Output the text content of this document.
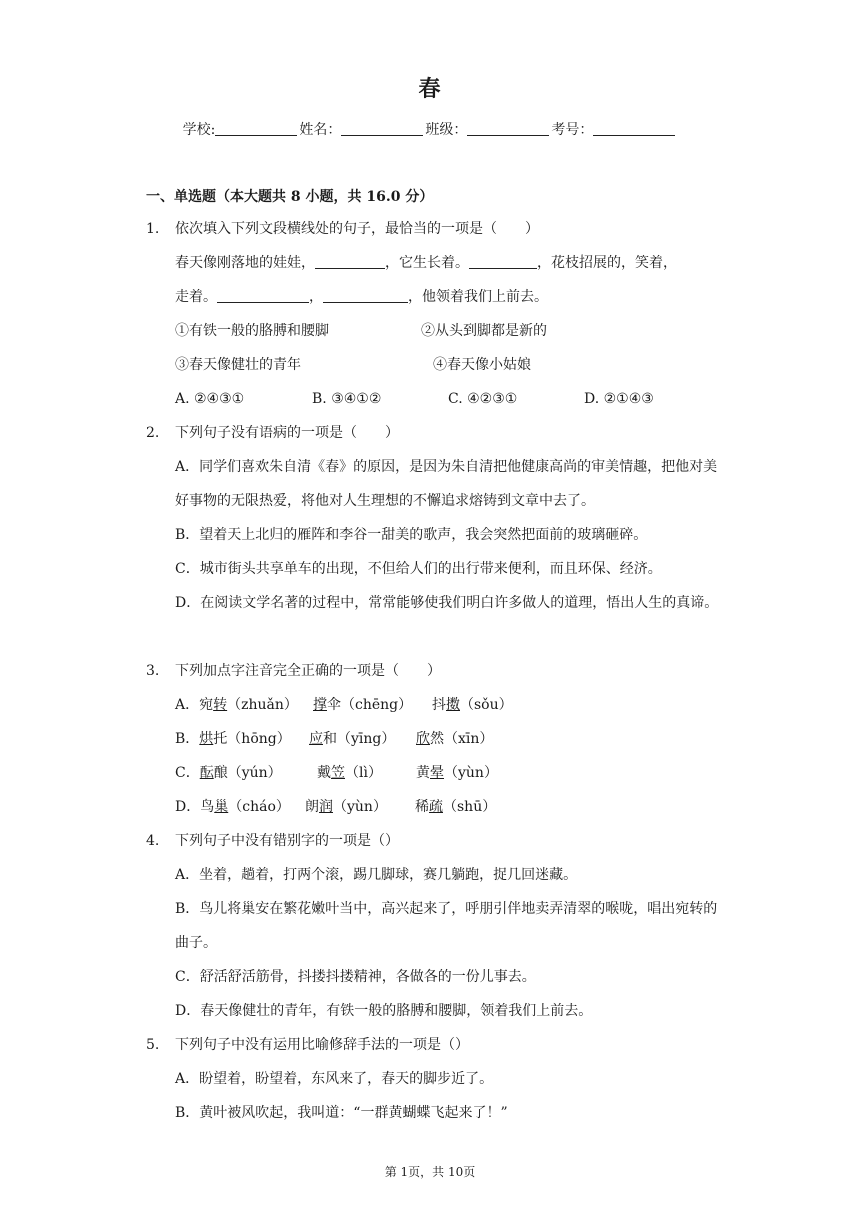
春
学校:	姓名：	班级：	考号：
一、单选题（本大题共 8 小题，共 16.0 分）
1. 依次填入下列文段横线处的句子，最恰当的一项是（　　）
春天像刚落地的娃娃，	，它生长着。	，花枝招展的，笑着，
走着。	，	，他领着我们上前去。
①有铁一般的胳膊和腰脚	②从头到脚都是新的
③春天像健壮的青年	④春天像小姑娘
A. ②④③①	B. ③④①②	C. ④②③①	D. ②①④③
2. 下列句子没有语病的一项是（　　）
A．同学们喜欢朱自清《春》的原因，是因为朱自清把他健康高尚的审美情趣，把他对美好事物的无限热爱，将他对人生理想的不懈追求熔铸到文章中去了。
B．望着天上北归的雁阵和李谷一甜美的歌声，我会突然把面前的玻璃砸碎。
C．城市街头共享单车的出现，不但给人们的出行带来便利，而且环保、经济。
D．在阅读文学名著的过程中，常常能够使我们明白许多做人的道理，悟出人生的真谛。
3. 下列加点字注音完全正确的一项是（　　）
A．宛转（zhuǎn） 撑伞（chēng） 抖擞（sǒu）
B．烘托（hōng） 应和（yīng） 欣然（xīn）
C．酝酿（yún）	戴笠（lì） 黄晕（yùn）
D．鸟巢（cháo） 朗润（yùn） 稀疏（shū）
4. 下列句子中没有错别字的一项是（）
A．坐着，趟着，打两个滚，踢几脚球，赛几躺跑，捉几回迷藏。
B．鸟儿将巢安在繁花嫩叶当中，高兴起来了，呼朋引伴地卖弄清翠的喉咙，唱出宛转的曲子。
C．舒活舒活筋骨，抖搂抖搂精神，各做各的一份儿事去。
D．春天像健壮的青年，有铁一般的胳膊和腰脚，领着我们上前去。
5. 下列句子中没有运用比喻修辞手法的一项是（）
A．盼望着，盼望着，东风来了，春天的脚步近了。
B．黄叶被风吹起，我叫道：“一群黄蝴蝶飞起来了！”
第 1页，共 10页
